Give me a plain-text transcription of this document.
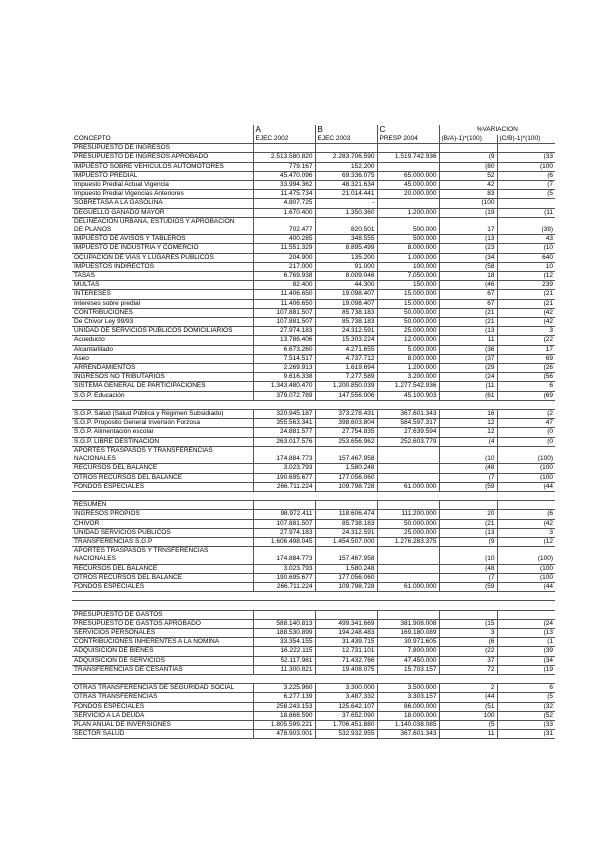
	A	B	C	%VARIACION	
CONCEPTO	EJEC 2002	EJEC 2003	PRESP 2004	(B/A)-1)*(100)	(C/B)-1)*(100)
PRESUPUESTO DE INGRESOS					
PRESUPUESTO DE INGRESOS APROBADO	2.513.580.820	2.283.706.590	1.519.742.936	(9	(33
IMPUESTO SOBRE VEHICULOS AUTOMOTORES	779.167	152.200		(80	(100
IMPUESTO PREDIAL	45.470.096	69.336.075	65.000.000	52	(6
Impuesto Predial Actual Vigencia	33.994.362	48.321.634	45.000.000	42	(7
Impuesto Predial Vigencias Anteriores	11.475.734	21.014.441	20.000.000	83	(5
SOBRETASA A LA GASOLINA	4.807.725	-		(100	
DEGUELLO GANADO MAYOR	1.670.400	1.350.360	1.200.000	(19	(11

DELINEACION URBANA, ESTUDIOS Y APROBACION
DE PLANOS	702.477	820.501	500.000	17	(39)
IMPUESTO DE AVISOS Y TABLEROS	400.285	348.555	500.000	(13	43
IMPUESTO DE INDUSTRIA Y COMERCIO	11.551.329	8.895.499	8.000.000	(23	(10
OCUPACION DE VIAS Y LUGARES PUBLICOS	204.900	135.200	1.000.000	(34	640
IMPUESTOS INDIRECTOS	217.000	91.000	100.000	(58	10
TASAS	6.769.938	8.009.046	7.050.000	18	(12
MULTAS	82.400	44.300	150.000	(46	239
INTERESES	11.406.650	19.098.407	15.000.000	67	(21
Intereses sobre predial	11.406.650	19.098.407	15.000.000	67	(21
CONTRIBUCIONES	107.881.507	85.738.183	50.000.000	(21	(42
De Chivor Ley 99/93	107.881.507	85.738.183	50.000.000	(21	(42
UNIDAD DE SERVICIOS PUBLICOS DOMICILIARIOS	27.974.183	24.312.591	25.000.000	(13	3
Acueducto	13.786.406	15.303.224	12.000.000	11	(22
Alcantarillado	6.673.260	4.271.655	5.000.000	(36	17
Aseo	7.514.517	4.737.712	8.000.000	(37	69
ARRENDAMIENTOS	2.269.913	1.619.694	1.200.000	(29	(26
INGRESOS NO TRIBUTARIOS	9.616.338	7.277.589	3.200.000	(24	(56
SISTEMA GENERAL DE PARTICIPACIONES	1.343.480.470	1.200.850.039	1.277.542.936	(11	6
S.G.P. Educación	379.072.789	147.556.006	45.100.903	(61	(69

S.G.P. Salud (Salud Pública y Régimen Subsidiado)	320.945.187	373.278.431	367.601.343	16	(2
S.G.P. Proposito General Inversión Forzosa	355.563.341	398.603.804	584.597.317	12	47
S.G.P. Alimentación escolar	24.881.577	27.754.835	27.639.594	12	(0
S.G.P. LIBRE DESTINACION	263.017.576	253.656.962	252.603.779	(4	(0

APORTES TRASPASOS Y TRANSFERENCIAS
NACIONALES	174.884.773	157.467.958		(10	(100)
RECURSOS DEL BALANCE	3.023.793	1.580.248		(48	(100
OTROS RECURSOS DEL BALANCE	190.695.677	177.056.060		(7	(100
FONDOS ESPECIALES	266.711.224	109.798.728	61.000.000	(59	(44

RESUMEN					
INGRESOS PROPIOS	98.972.411	118.606.474	111.200.000	20	(6
CHIVOR	107.881.507	85.738.183	50.000.000	(21	(42
UNIDAD SERVICIOS PUBLICOS	27.974.183	24.312.591	25.000.000	(13	3
TRANSFERENCIAS S.G.P	1.606.498.045	1.454.507.000	1.276.283.375	(9	(12

APORTES TRASPASOS Y TRNSFERENCIAS
NACIONALES	174.884.773	157.467.958		(10	(100)
RECURSOS DEL BALANCE	3.023.793	1.580.248		(48	(100
OTROS RECURSOS DEL BALANCE	190.695.677	177.056.060		(7	(100
FONDOS ESPECIALES	266.711.224	109.798.728	61.000.000	(59	(44

PRESUPUESTO DE GASTOS					
PRESUPUESTO DE GASTOS APROBADO	588.140.813	499.341.669	381.908.008	(15	(24
SERVICIOS PERSONALES	188.530.899	194.248.483	169.180.089	3	(13
CONTRIBUCIONES INHERENTES A LA NOMINA	33.354.155	31.439.715	30.971.605	(6	(1
ADQUISICION DE BIENES	16.222.115	12.731.101	7.800.000	(22	(39
ADQUISICION DE SERVICIOS	52.117.981	71.432.766	47.450.000	37	(34
TRANSFERENCIAS DE CESANTIAS	11.300.821	19.408.075	15.703.157	72	(19

OTRAS TRANSFERENCIAS DE SEGURIDAD SOCIAL	3.225.960	3.300.000	3.500.000	2	6
OTRAS TRANSFERENCIAS	6.277.139	3.487.332	3.303.157	(44	(5
FONDOS ESPECIALES	258.243.153	125.642.107	86.000.000	(51	(32
SERVICIO A LA DEUDA	18.868.590	37.652.090	18.000.000	100	(52
PLAN ANUAL DE INVERSIONES	1.805.599.221	1.706.451.880	1.140.038.085	(5	(33
SECTOR SALUD	478.903.001	532.932.955	367.601.343	11	(31
